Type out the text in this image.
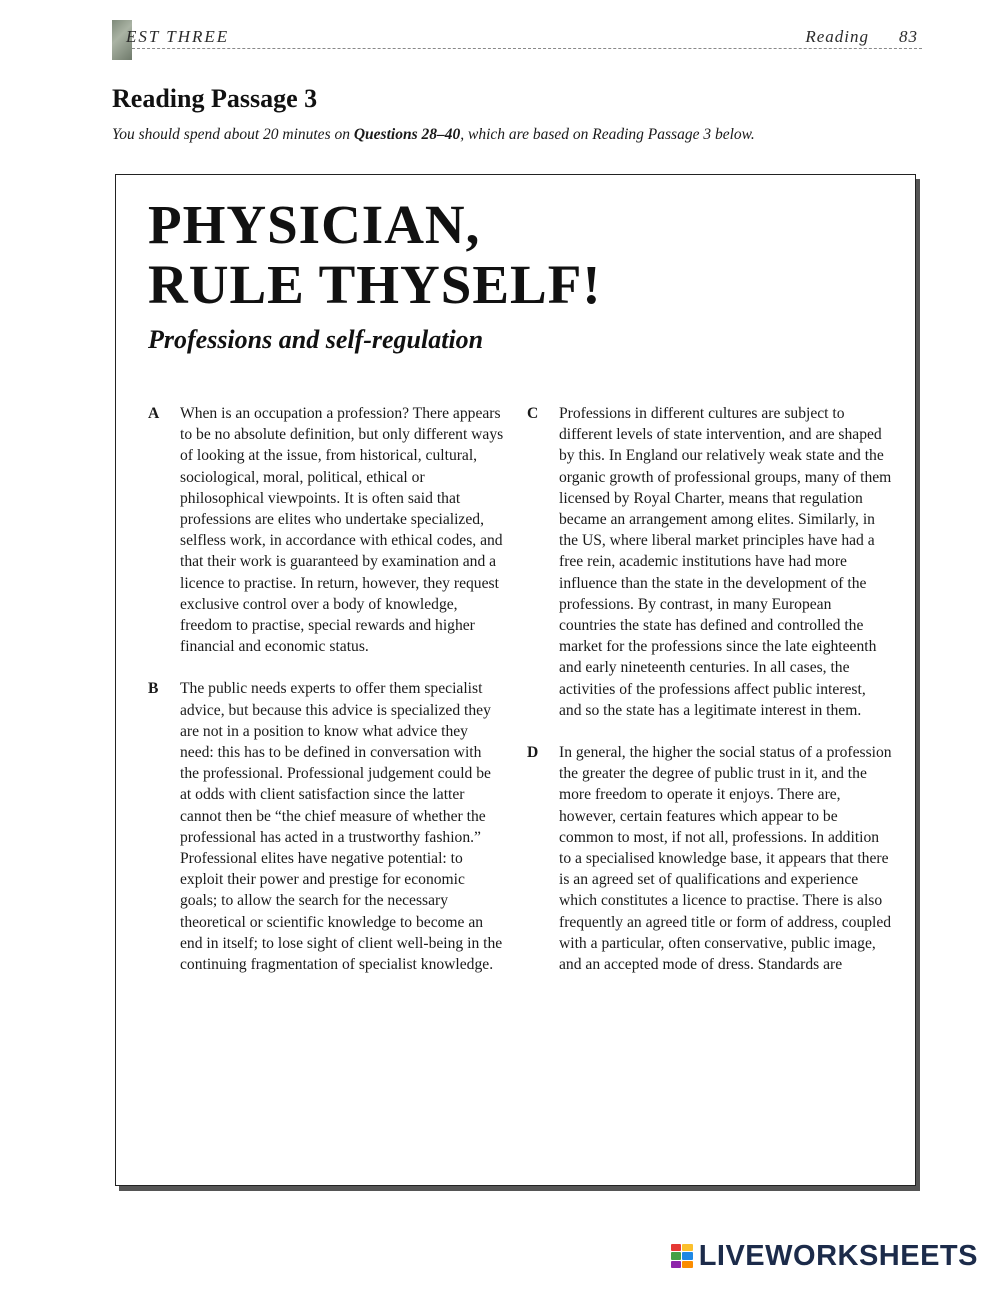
EST THREE	Reading 83
Reading Passage 3
You should spend about 20 minutes on Questions 28–40, which are based on Reading Passage 3 below.
PHYSICIAN,
RULE THYSELF!
Professions and self-regulation

A When is an occupation a profession? There appears to be no absolute definition, but only different ways of looking at the issue, from historical, cultural, sociological, moral, political, ethical or philosophical viewpoints. It is often said that professions are elites who undertake specialized, selfless work, in accordance with ethical codes, and that their work is guaranteed by examination and a licence to practise. In return, however, they request exclusive control over a body of knowledge, freedom to practise, special rewards and higher financial and economic status.

B The public needs experts to offer them specialist advice, but because this advice is specialized they are not in a position to know what advice they need: this has to be defined in conversation with the professional. Professional judgement could be at odds with client satisfaction since the latter cannot then be “the chief measure of whether the professional has acted in a trustworthy fashion.” Professional elites have negative potential: to exploit their power and prestige for economic goals; to allow the search for the necessary theoretical or scientific knowledge to become an end in itself; to lose sight of client well-being in the continuing fragmentation of specialist knowledge.

C Professions in different cultures are subject to different levels of state intervention, and are shaped by this. In England our relatively weak state and the organic growth of professional groups, many of them licensed by Royal Charter, means that regulation became an arrangement among elites. Similarly, in the US, where liberal market principles have had a free rein, academic institutions have had more influence than the state in the development of the professions. By contrast, in many European countries the state has defined and controlled the market for the professions since the late eighteenth and early nineteenth centuries. In all cases, the activities of the professions affect public interest, and so the state has a legitimate interest in them.

D In general, the higher the social status of a profession the greater the degree of public trust in it, and the more freedom to operate it enjoys. There are, however, certain features which appear to be common to most, if not all, professions. In addition to a specialised knowledge base, it appears that there is an agreed set of qualifications and experience which constitutes a licence to practise. There is also frequently an agreed title or form of address, coupled with a particular, often conservative, public image, and an accepted mode of dress. Standards are

LIVEWORKSHEETS
